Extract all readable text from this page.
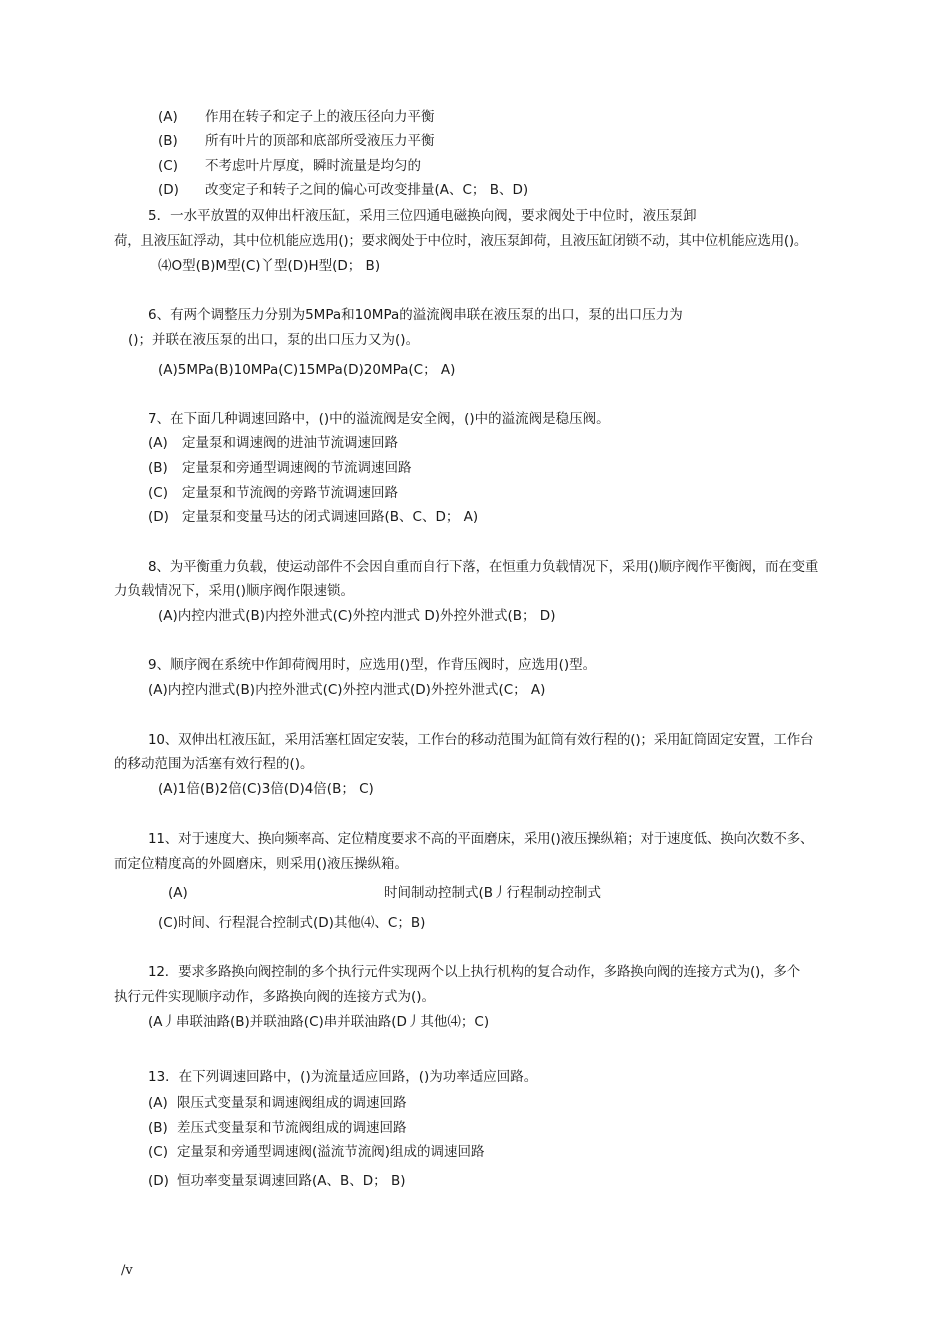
(A) 作用在转子和定子上的液压径向力平衡
(B) 所有叶片的顶部和底部所受液压力平衡
(C) 不考虑叶片厚度，瞬时流量是均匀的
(D) 改变定子和转子之间的偏心可改变排量(A、C； B、D)
5．一水平放置的双伸出杆液压缸，采用三位四通电磁换向阀，要求阀处于中位时，液压泵卸
荷，且液压缸浮动，其中位机能应选用()；要求阀处于中位时，液压泵卸荷，且液压缸闭锁不动，其中位机能应选用()。
⑷O型(B)M型(C)丫型(D)H型(D； B)
6、有两个调整压力分别为5MPa和10MPa的溢流阀串联在液压泵的出口，泵的出口压力为
()；并联在液压泵的出口，泵的出口压力又为()。
(A)5MPa(B)10MPa(C)15MPa(D)20MPa(C； A)
7、在下面几种调速回路中，()中的溢流阀是安全阀，()中的溢流阀是稳压阀。
(A) 定量泵和调速阀的进油节流调速回路
(B) 定量泵和旁通型调速阀的节流调速回路
(C) 定量泵和节流阀的旁路节流调速回路
(D) 定量泵和变量马达的闭式调速回路(B、C、D； A)
8、为平衡重力负载，使运动部件不会因自重而自行下落，在恒重力负载情况下，采用()顺序阀作平衡阀，而在变重
力负载情况下，采用()顺序阀作限速锁。
(A)内控内泄式(B)内控外泄式(C)外控内泄式 D)外控外泄式(B； D)
9、顺序阀在系统中作卸荷阀用时，应选用()型，作背压阀时，应选用()型。
(A)内控内泄式(B)内控外泄式(C)外控内泄式(D)外控外泄式(C； A)
10、双伸出杠液压缸，采用活塞杠固定安装，工作台的移动范围为缸筒有效行程的()；采用缸筒固定安置，工作台
的移动范围为活塞有效行程的()。
(A)1倍(B)2倍(C)3倍(D)4倍(B； C)
11、对于速度大、换向频率高、定位精度要求不高的平面磨床，采用()液压操纵箱；对于速度低、换向次数不多、
而定位精度高的外圆磨床，则采用()液压操纵箱。
(A)	时间制动控制式(B丿行程制动控制式
(C)时间、行程混合控制式(D)其他⑷、C；B)
12．要求多路换向阀控制的多个执行元件实现两个以上执行机构的复合动作，多路换向阀的连接方式为()，多个
执行元件实现顺序动作，多路换向阀的连接方式为()。
(A丿串联油路(B)并联油路(C)串并联油路(D丿其他⑷；C)
13．在下列调速回路中，()为流量适应回路，()为功率适应回路。
(A) 限压式变量泵和调速阀组成的调速回路
(B) 差压式变量泵和节流阀组成的调速回路
(C) 定量泵和旁通型调速阀(溢流节流阀)组成的调速回路
(D) 恒功率变量泵调速回路(A、B、D； B)
/v
